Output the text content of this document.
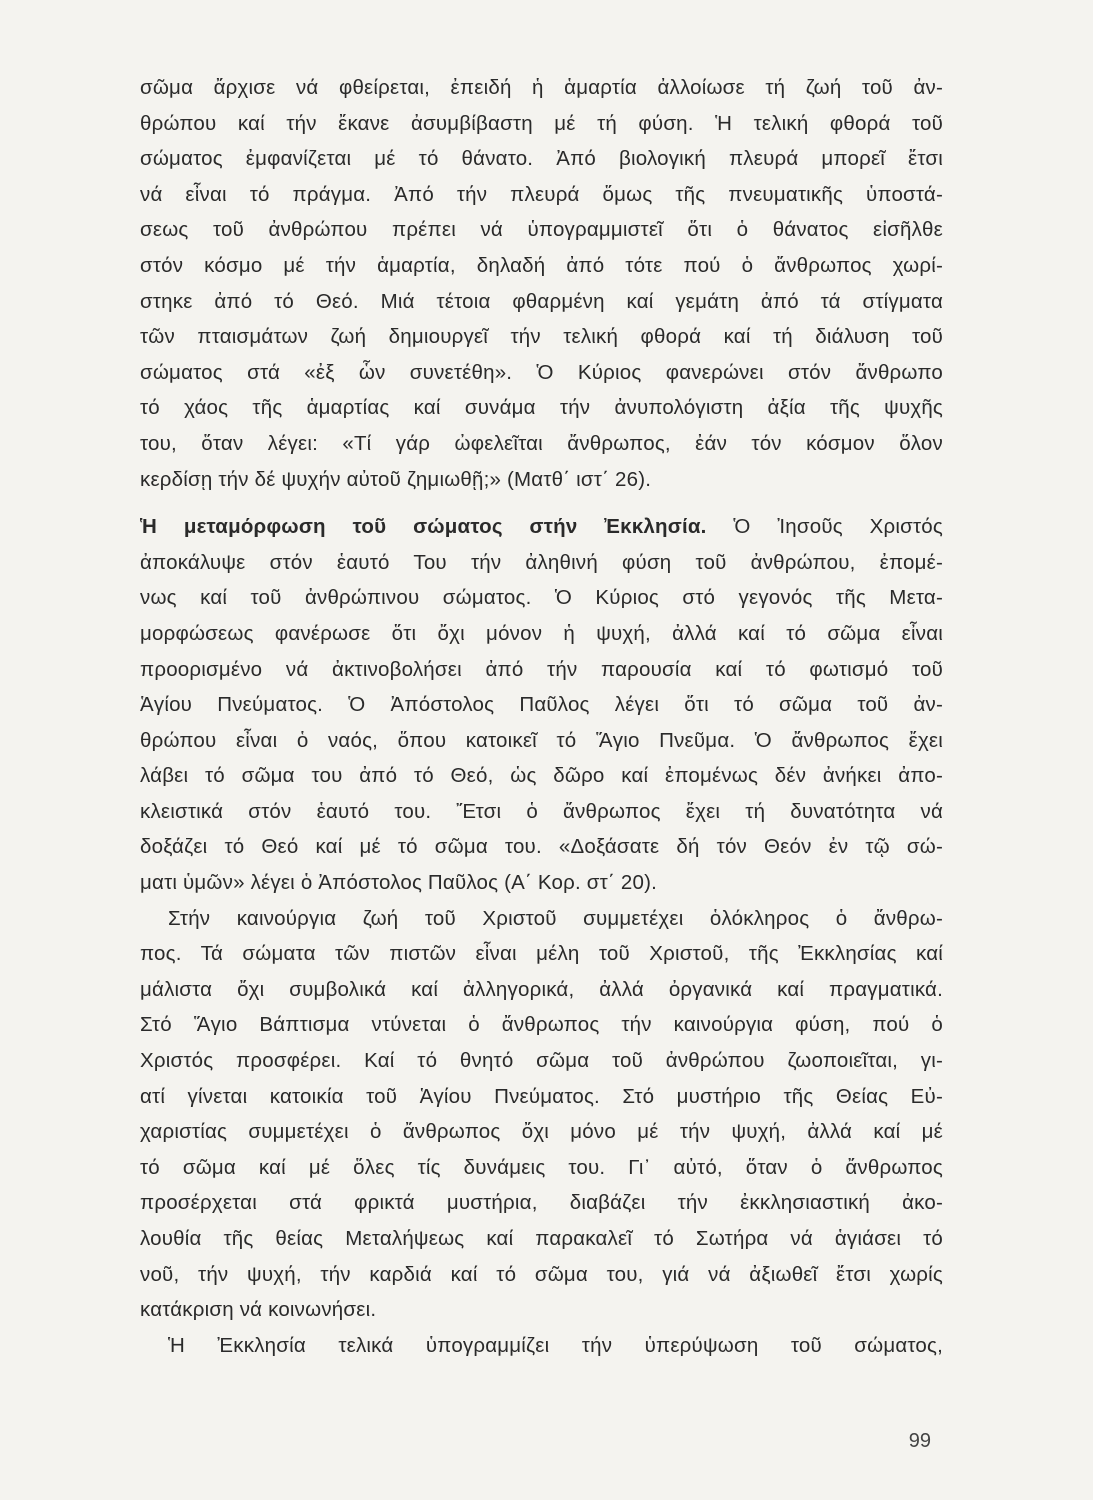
σῶμα ἄρχισε νά φθείρεται, ἐπειδή ἡ ἁμαρτία ἀλλοίωσε τή ζωή τοῦ ἀν-
θρώπου καί τήν ἔκανε ἀσυμβίβαστη μέ τή φύση. Ἡ τελική φθορά τοῦ
σώματος ἐμφανίζεται μέ τό θάνατο. Ἀπό βιολογική πλευρά μπορεῖ ἔτσι
νά εἶναι τό πράγμα. Ἀπό τήν πλευρά ὅμως τῆς πνευματικῆς ὑποστά-
σεως τοῦ ἀνθρώπου πρέπει νά ὑπογραμμιστεῖ ὅτι ὁ θάνατος εἰσῆλθε
στόν κόσμο μέ τήν ἁμαρτία, δηλαδή ἀπό τότε πού ὁ ἄνθρωπος χωρί-
στηκε ἀπό τό Θεό. Μιά τέτοια φθαρμένη καί γεμάτη ἀπό τά στίγματα
τῶν πταισμάτων ζωή δημιουργεῖ τήν τελική φθορά καί τή διάλυση τοῦ
σώματος στά «ἐξ ὧν συνετέθη». Ὁ Κύριος φανερώνει στόν ἄνθρωπο
τό χάος τῆς ἁμαρτίας καί συνάμα τήν ἀνυπολόγιστη ἀξία τῆς ψυχῆς
του, ὅταν λέγει: «Τί γάρ ὠφελεῖται ἄνθρωπος, ἐάν τόν κόσμον ὅλον
κερδίσῃ τήν δέ ψυχήν αὐτοῦ ζημιωθῇ;» (Ματθ΄ ιστ΄ 26).
Ἡ μεταμόρφωση τοῦ σώματος στήν Ἐκκλησία. Ὁ Ἰησοῦς Χριστός
ἀποκάλυψε στόν ἑαυτό Του τήν ἀληθινή φύση τοῦ ἀνθρώπου, ἐπομέ-
νως καί τοῦ ἀνθρώπινου σώματος. Ὁ Κύριος στό γεγονός τῆς Μετα-
μορφώσεως φανέρωσε ὅτι ὄχι μόνον ἡ ψυχή, ἀλλά καί τό σῶμα εἶναι
προορισμένο νά ἀκτινοβολήσει ἀπό τήν παρουσία καί τό φωτισμό τοῦ
Ἁγίου Πνεύματος. Ὁ Ἀπόστολος Παῦλος λέγει ὅτι τό σῶμα τοῦ ἀν-
θρώπου εἶναι ὁ ναός, ὅπου κατοικεῖ τό Ἅγιο Πνεῦμα. Ὁ ἄνθρωπος ἔχει
λάβει τό σῶμα του ἀπό τό Θεό, ὡς δῶρο καί ἐπομένως δέν ἀνήκει ἀπο-
κλειστικά στόν ἑαυτό του. Ἔτσι ὁ ἄνθρωπος ἔχει τή δυνατότητα νά
δοξάζει τό Θεό καί μέ τό σῶμα του. «Δοξάσατε δή τόν Θεόν ἐν τῷ σώ-
ματι ὑμῶν» λέγει ὁ Ἀπόστολος Παῦλος (Α΄ Κορ. στ΄ 20).
Στήν καινούργια ζωή τοῦ Χριστοῦ συμμετέχει ὁλόκληρος ὁ ἄνθρω-
πος. Τά σώματα τῶν πιστῶν εἶναι μέλη τοῦ Χριστοῦ, τῆς Ἐκκλησίας καί
μάλιστα ὄχι συμβολικά καί ἀλληγορικά, ἀλλά ὀργανικά καί πραγματικά.
Στό Ἅγιο Βάπτισμα ντύνεται ὁ ἄνθρωπος τήν καινούργια φύση, πού ὁ
Χριστός προσφέρει. Καί τό θνητό σῶμα τοῦ ἀνθρώπου ζωοποιεῖται, γι-
ατί γίνεται κατοικία τοῦ Ἁγίου Πνεύματος. Στό μυστήριο τῆς Θείας Εὐ-
χαριστίας συμμετέχει ὁ ἄνθρωπος ὄχι μόνο μέ τήν ψυχή, ἀλλά καί μέ
τό σῶμα καί μέ ὅλες τίς δυνάμεις του. Γι᾿ αὐτό, ὅταν ὁ ἄνθρωπος
προσέρχεται στά φρικτά μυστήρια, διαβάζει τήν ἐκκλησιαστική ἀκο-
λουθία τῆς θείας Μεταλήψεως καί παρακαλεῖ τό Σωτήρα νά ἁγιάσει τό
νοῦ, τήν ψυχή, τήν καρδιά καί τό σῶμα του, γιά νά ἀξιωθεῖ ἔτσι χωρίς
κατάκριση νά κοινωνήσει.
Ἡ Ἐκκλησία τελικά ὑπογραμμίζει τήν ὑπερύψωση τοῦ σώματος,
99
